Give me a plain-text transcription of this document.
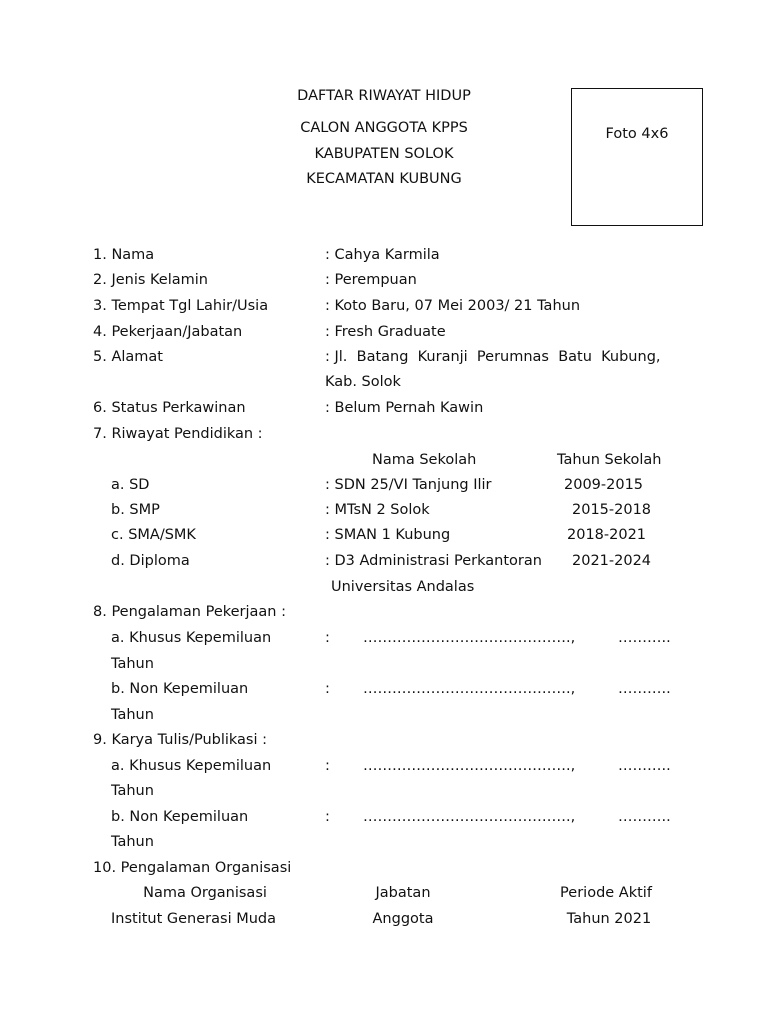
DAFTAR RIWAYAT HIDUP
CALON ANGGOTA KPPS
KABUPATEN SOLOK
KECAMATAN KUBUNG
Foto 4x6
1. Nama	: Cahya Karmila
2. Jenis Kelamin	: Perempuan
3. Tempat Tgl Lahir/Usia	: Koto Baru, 07 Mei 2003/ 21 Tahun
4. Pekerjaan/Jabatan	: Fresh Graduate
5. Alamat	: Jl.  Batang  Kuranji  Perumnas  Batu  Kubung,
Kab. Solok
6. Status Perkawinan	: Belum Pernah Kawin
7. Riwayat Pendidikan :
Nama Sekolah	Tahun Sekolah
a. SD	: SDN 25/VI Tanjung Ilir	2009-2015
b. SMP	: MTsN 2 Solok	2015-2018
c. SMA/SMK	: SMAN 1 Kubung	2018-2021
d. Diploma	: D3 Administrasi Perkantoran 2021-2024
Universitas Andalas
8. Pengalaman Pekerjaan :
a. Khusus Kepemiluan	: …………………………………….,	………..
Tahun
b. Non Kepemiluan	: …………………………………….,	………..
Tahun
9. Karya Tulis/Publikasi :
a. Khusus Kepemiluan	: …………………………………….,	………..
Tahun
b. Non Kepemiluan	: …………………………………….,	………..
Tahun
10. Pengalaman Organisasi
Nama Organisasi	Jabatan	Periode Aktif
Institut Generasi Muda	Anggota	Tahun 2021
